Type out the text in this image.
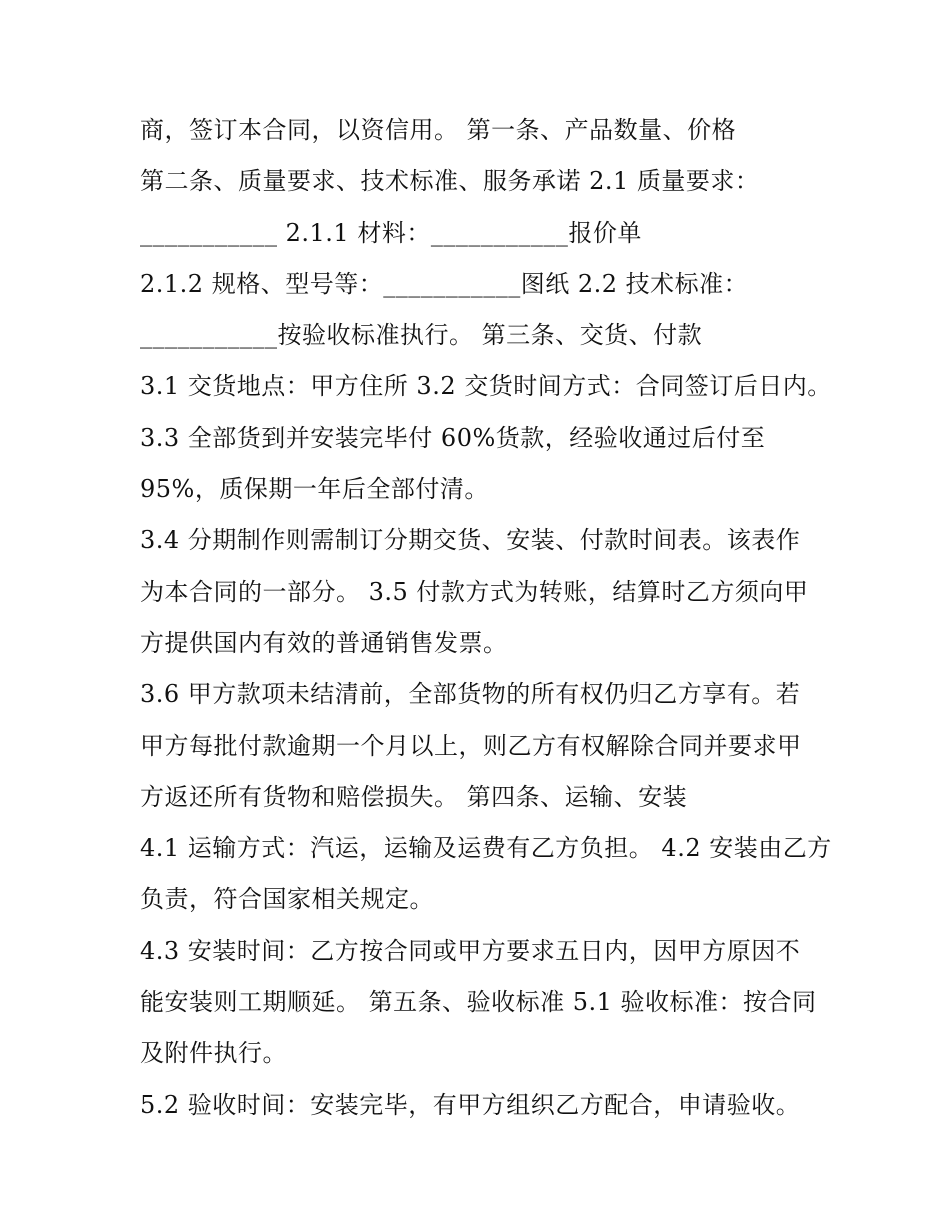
商，签订本合同，以资信用。 第一条、产品数量、价格
第二条、质量要求、技术标准、服务承诺 2.1 质量要求：
___________ 2.1.1 材料：___________报价单
2.1.2 规格、型号等：___________图纸 2.2 技术标准：
___________按验收标准执行。 第三条、交货、付款
3.1 交货地点：甲方住所 3.2 交货时间方式：合同签订后日内。
3.3 全部货到并安装完毕付 60%货款，经验收通过后付至
95%，质保期一年后全部付清。
3.4 分期制作则需制订分期交货、安装、付款时间表。该表作
为本合同的一部分。 3.5 付款方式为转账，结算时乙方须向甲
方提供国内有效的普通销售发票。
3.6 甲方款项未结清前，全部货物的所有权仍归乙方享有。若
甲方每批付款逾期一个月以上，则乙方有权解除合同并要求甲
方返还所有货物和赔偿损失。 第四条、运输、安装
4.1 运输方式：汽运，运输及运费有乙方负担。 4.2 安装由乙方
负责，符合国家相关规定。
4.3 安装时间：乙方按合同或甲方要求五日内，因甲方原因不
能安装则工期顺延。 第五条、验收标准 5.1 验收标准：按合同
及附件执行。
5.2 验收时间：安装完毕，有甲方组织乙方配合，申请验收。
